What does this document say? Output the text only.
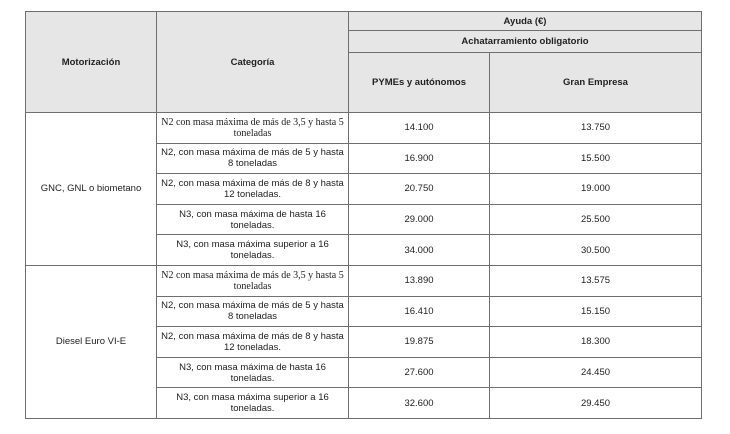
Motorización	Categoría	Ayuda (€)	
		Achatarramiento obligatorio	
		PYMEs y autónomos	Gran Empresa
GNC, GNL o biometano	N2 con masa máxima de más de 3,5 y hasta 5 toneladas	14.100	13.750
	N2, con masa máxima de más de 5 y hasta 8 toneladas	16.900	15.500
	N2, con masa máxima de más de 8 y hasta 12 toneladas.	20.750	19.000
	N3, con masa máxima de hasta 16 toneladas.	29.000	25.500
	N3, con masa máxima superior a 16 toneladas.	34.000	30.500
Diesel Euro VI-E	N2 con masa máxima de más de 3,5 y hasta 5 toneladas	13.890	13.575
	N2, con masa máxima de más de 5 y hasta 8 toneladas	16.410	15.150
	N2, con masa máxima de más de 8 y hasta 12 toneladas.	19.875	18.300
	N3, con masa máxima de hasta 16 toneladas.	27.600	24.450
	N3, con masa máxima superior a 16 toneladas.	32.600	29.450
